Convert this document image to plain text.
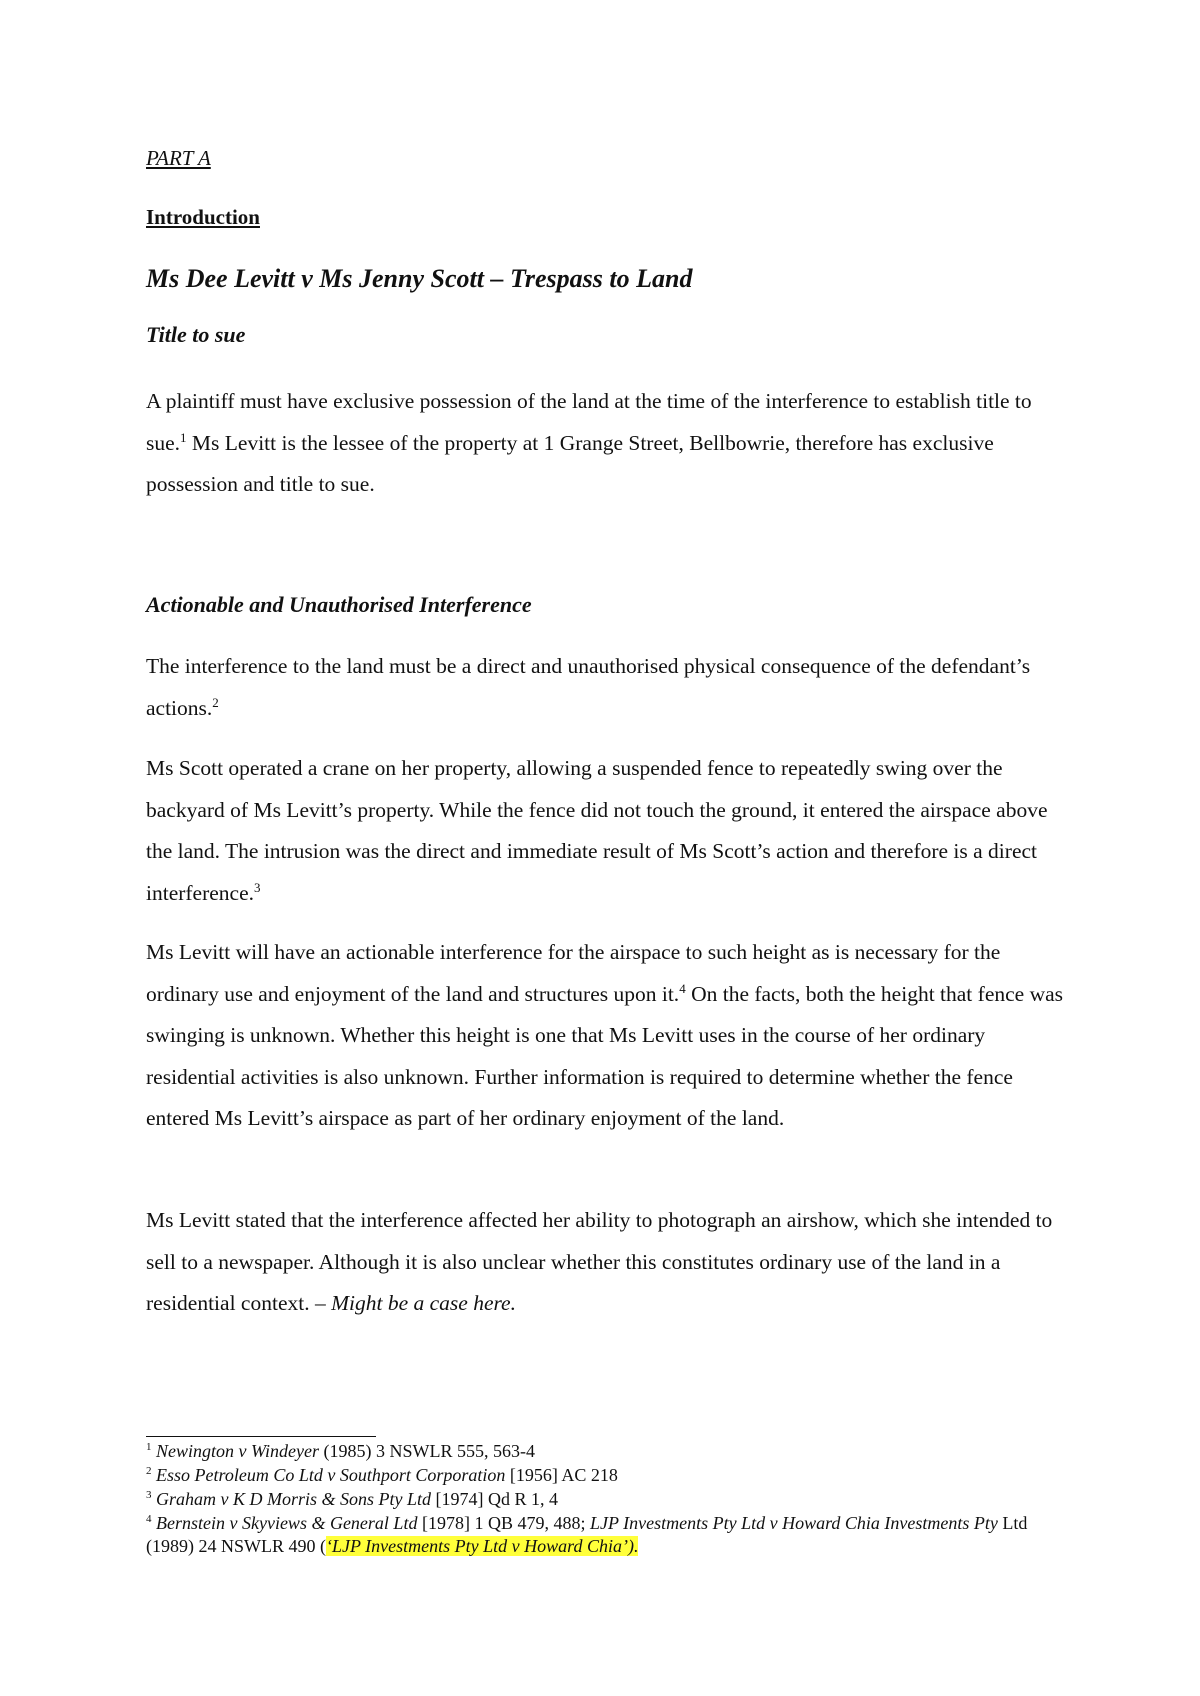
PART A
Introduction
Ms Dee Levitt v Ms Jenny Scott – Trespass to Land
Title to sue

A plaintiff must have exclusive possession of the land at the time of the interference to establish title to sue.$^1$ Ms Levitt is the lessee of the property at 1 Grange Street, Bellbowrie, therefore has exclusive possession and title to sue.

Actionable and Unauthorised Interference

The interference to the land must be a direct and unauthorised physical consequence of the defendant’s actions.$^2$

Ms Scott operated a crane on her property, allowing a suspended fence to repeatedly swing over the backyard of Ms Levitt’s property. While the fence did not touch the ground, it entered the airspace above the land. The intrusion was the direct and immediate result of Ms Scott’s action and therefore is a direct interference.$^3$

Ms Levitt will have an actionable interference for the airspace to such height as is necessary for the ordinary use and enjoyment of the land and structures upon it.$^4$ On the facts, both the height that fence was swinging is unknown. Whether this height is one that Ms Levitt uses in the course of her ordinary residential activities is also unknown. Further information is required to determine whether the fence entered Ms Levitt’s airspace as part of her ordinary enjoyment of the land.

Ms Levitt stated that the interference affected her ability to photograph an airshow, which she intended to sell to a newspaper. Although it is also unclear whether this constitutes ordinary use of the land in a residential context. – Might be a case here.

$^1$ Newington v Windeyer (1985) 3 NSWLR 555, 563-4

$^2$ Esso Petroleum Co Ltd v Southport Corporation [1956] AC 218

$^3$ Graham v K D Morris & Sons Pty Ltd [1974] Qd R 1, 4

$^4$ Bernstein v Skyviews & General Ltd [1978] 1 QB 479, 488; LJP Investments Pty Ltd v Howard Chia Investments Pty Ltd (1989) 24 NSWLR 490 (‘LJP Investments Pty Ltd v Howard Chia’).
